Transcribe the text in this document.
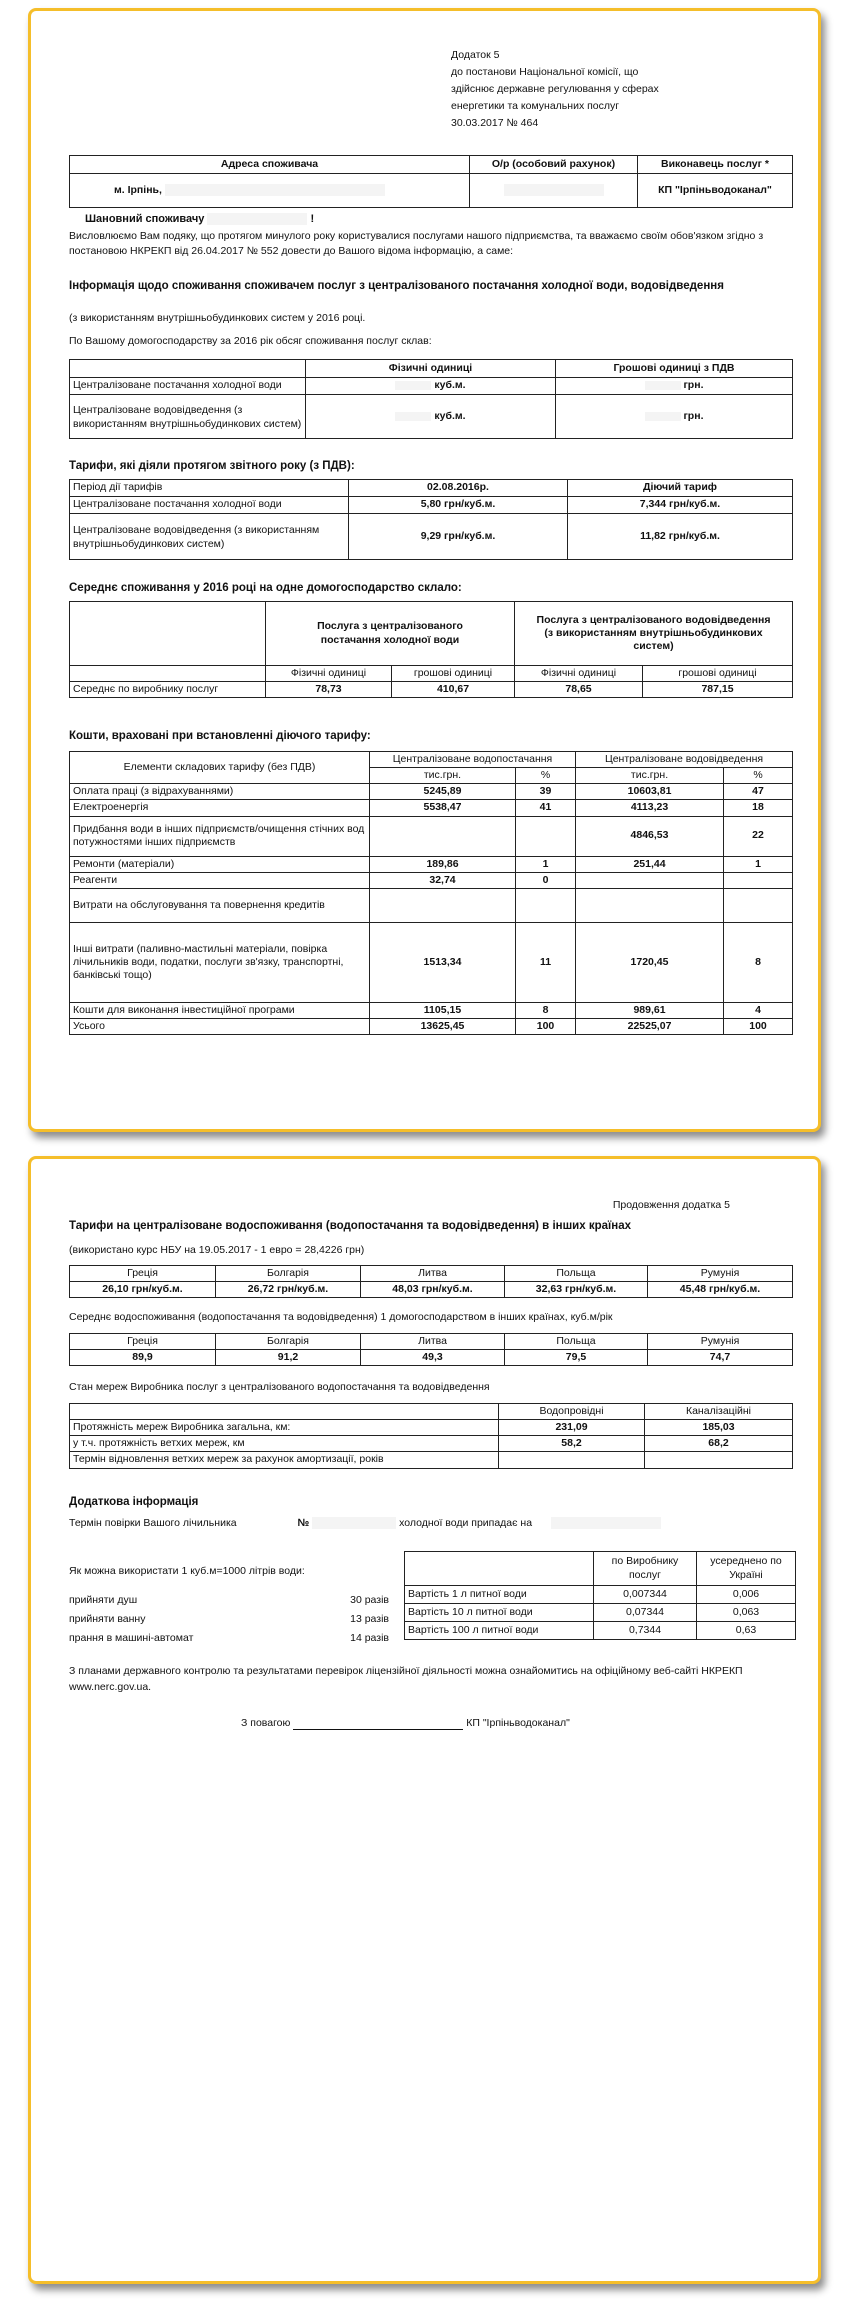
Додаток 5
до постанови Національної комісії, що
здійснює державне регулювання у сферах
енергетики та комунальних послуг
30.03.2017 № 464
Адреса споживача	О/р (особовий рахунок)	Виконавець послуг *
м. Ірпінь,		КП "Ірпіньводоканал"
Шановний споживачу	!
Висловлюємо Вам подяку, що протягом минулого року користувалися послугами нашого підприємства, та вважаємо своїм обов'язком згідно з постановою НКРЕКП від 26.04.2017 № 552 довести до Вашого відома інформацію, а саме:
Інформація щодо споживання споживачем послуг з централізованого постачання холодної води, водовідведення
(з використанням внутрішньобудинкових систем у 2016 році.
По Вашому домогосподарству за 2016 рік обсяг споживання послуг склав:
	Фізичні одиниці	Грошові одиниці з ПДВ
Централізоване постачання холодної води	куб.м.	грн.
Централізоване водовідведення (з використанням внутрішньобудинкових систем)	куб.м.	грн.
Тарифи, які діяли протягом звітного року (з ПДВ):
Період дії тарифів	02.08.2016р.	Діючий тариф
Централізоване постачання холодної води	5,80 грн/куб.м.	7,344 грн/куб.м.
Централізоване водовідведення (з використанням внутрішньобудинкових систем)	9,29 грн/куб.м.	11,82 грн/куб.м.
Середнє споживання у 2016 році на одне домогосподарство склало:
	Послуга з централізованого постачання холодної води		Послуга з централізованого водовідведення (з використанням внутрішньобудинкових систем)	
	Фізичні одиниці	грошові одиниці	Фізичні одиниці	грошові одиниці
Середнє по виробнику послуг	78,73	410,67	78,65	787,15
Кошти, враховані при встановленні діючого тарифу:
Елементи складових тарифу (без ПДВ)	Централізоване водопостачання		Централізоване водовідведення	
	тис.грн.	%	тис.грн.	%
Оплата праці (з відрахуваннями)	5245,89	39	10603,81	47
Електроенергія	5538,47	41	4113,23	18
Придбання води в інших підприємств/очищення стічних вод потужностями інших підприємств			4846,53	22
Ремонти (матеріали)	189,86	1	251,44	1
Реагенти	32,74	0		
Витрати на обслуговування та повернення кредитів				
Інші витрати (паливно-мастильні матеріали, повірка лічильників води, податки, послуги зв'язку, транспортні, банківські тощо)	1513,34	11	1720,45	8
Кошти для виконання інвестиційної програми	1105,15	8	989,61	4
Усього	13625,45	100	22525,07	100
Продовження додатка 5
Тарифи на централізоване водоспоживання (водопостачання та водовідведення) в інших країнах
(використано курс НБУ на 19.05.2017 - 1 евро = 28,4226 грн)
Греція	Болгарія	Литва	Польща	Румунія
26,10 грн/куб.м.	26,72 грн/куб.м.	48,03 грн/куб.м.	32,63 грн/куб.м.	45,48 грн/куб.м.
Середнє водоспоживання (водопостачання та водовідведення) 1 домогосподарством в інших країнах, куб.м/рік
Греція	Болгарія	Литва	Польща	Румунія
89,9	91,2	49,3	79,5	74,7
Стан мереж Виробника послуг з централізованого водопостачання та водовідведення
	Водопровідні	Каналізаційні
Протяжність мереж Виробника загальна, км:	231,09	185,03
у т.ч. протяжність ветхих мереж, км	58,2	68,2
Термін відновлення ветхих мереж за рахунок амортизації, років		
Додаткова інформація
Термін повірки Вашого лічильника	№	холодної води припадає на
Як можна використати 1 куб.м=1000 літрів води:
прийняти душ	30 разів
прийняти ванну	13 разів
прання в машині-автомат	14 разів
	по Виробнику послуг	усереднено по Україні
Вартість 1 л питнoї води	0,007344	0,006
Вартість 10 л питнoї води	0,07344	0,063
Вартість 100 л питнoї води	0,7344	0,63
З планами державного контролю та результатами перевірок ліцензійної діяльності можна ознайомитись на офіційному веб-сайті НКРЕКП www.nerc.gov.ua.
З повагою	КП "Ірпіньводоканал"
